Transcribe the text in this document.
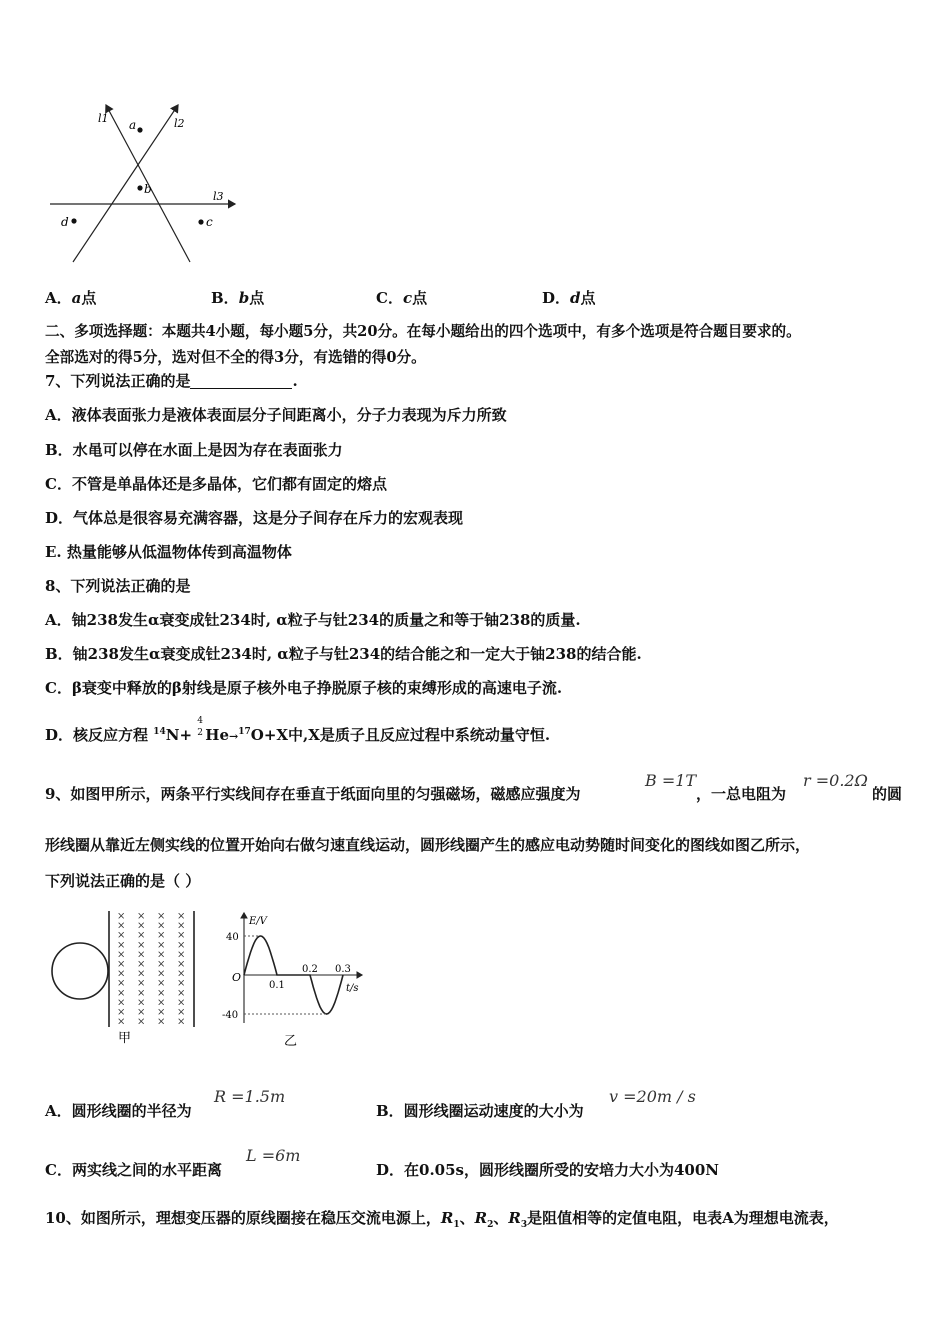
l1	l2
l3
a
b
c
d
A．a点	B．b点	C．c点	D．d点
二、多项选择题：本题共4小题，每小题5分，共20分。在每小题给出的四个选项中，有多个选项是符合题目要求的。
全部选对的得5分，选对但不全的得3分，有选错的得0分。
7、下列说法正确的是	.
A．液体表面张力是液体表面层分子间距离小，分子力表现为斥力所致
B．水黾可以停在水面上是因为存在表面张力
C．不管是单晶体还是多晶体，它们都有固定的熔点
D．气体总是很容易充满容器，这是分子间存在斥力的宏观表现
E. 热量能够从低温物体传到高温物体
8、下列说法正确的是
A．铀238发生α衰变成钍234时, α粒子与钍234的质量之和等于铀238的质量.
B．铀238发生α衰变成钍234时, α粒子与钍234的结合能之和一定大于铀238的结合能.
C．β衰变中释放的β射线是原子核外电子挣脱原子核的束缚形成的高速电子流.
D．核反应方程 $^{14}$N+
4
2 He→$^{17}$O+X中,X是质子且反应过程中系统动量守恒.
9、如图甲所示，两条平行实线间存在垂直于纸面向里的匀强磁场，磁感应强度为
B =1T
，一总电阻为
r =0.2Ω
的圆
形线圈从靠近左侧实线的位置开始向右做匀速直线运动，圆形线圈产生的感应电动势随时间变化的图线如图乙所示，
下列说法正确的是（ ）
× × × ×
× × × ×
× × × ×
× × × ×
× × × ×
× × × ×
× × × ×
× × × ×
× × × ×
× × × ×
× × × ×
× × × ×
甲
E/V
t/s
O
40
-40
0.1
0.2 0.3
乙
A．圆形线圈的半径为
R =1.5m
B．圆形线圈运动速度的大小为
v =20m / s
C．两实线之间的水平距离
L =6m
D．在0.05s，圆形线圈所受的安培力大小为400N
10、如图所示，理想变压器的原线圈接在稳压交流电源上，$R_1$、$R_2$、$R_3$是阻值相等的定值电阻，电表A为理想电流表，
